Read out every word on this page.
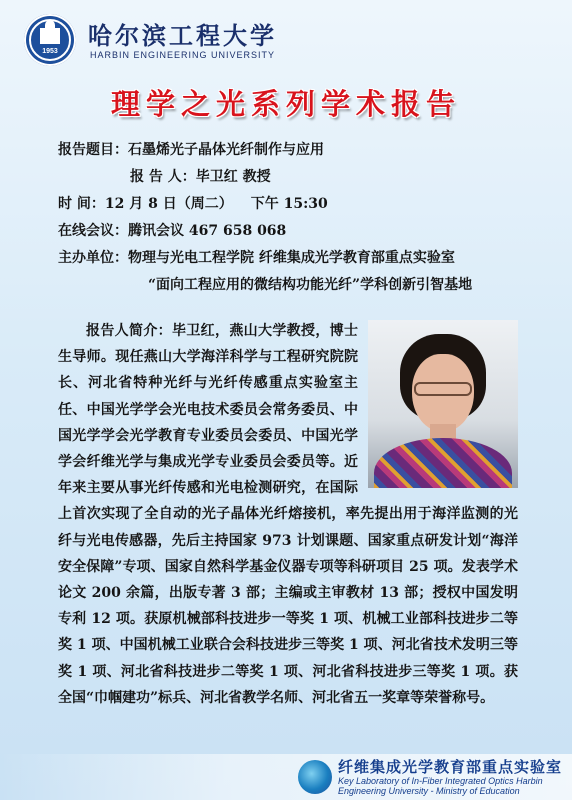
1953
哈尔滨工程大学
HARBIN ENGINEERING UNIVERSITY
理学之光系列学术报告
报告题目：石墨烯光子晶体光纤制作与应用
报 告 人：毕卫红 教授
时 间：12 月 8 日（周二） 下午 15:30
在线会议：腾讯会议 467 658 068
主办单位：物理与光电工程学院 纤维集成光学教育部重点实验室
“面向工程应用的微结构功能光纤”学科创新引智基地
报告人简介：毕卫红，燕山大学教授，博士生导师。现任燕山大学海洋科学与工程研究院院长、河北省特种光纤与光纤传感重点实验室主任、中国光学学会光电技术委员会常务委员、中国光学学会光学教育专业委员会委员、中国光学学会纤维光学与集成光学专业委员会委员等。近年来主要从事光纤传感和光电检测研究，在国际上首次实现了全自动的光子晶体光纤熔接机，率先提出用于海洋监测的光纤与光电传感器，先后主持国家 973 计划课题、国家重点研发计划“海洋安全保障”专项、国家自然科学基金仪器专项等科研项目 25 项。发表学术论文 200 余篇，出版专著 3 部；主编或主审教材 13 部；授权中国发明专利 12 项。获原机械部科技进步一等奖 1 项、机械工业部科技进步二等奖 1 项、中国机械工业联合会科技进步三等奖 1 项、河北省技术发明三等奖 1 项、河北省科技进步二等奖 1 项、河北省科技进步三等奖 1 项。获全国“巾帼建功”标兵、河北省教学名师、河北省五一奖章等荣誉称号。
纤维集成光学教育部重点实验室
Key Laboratory of In-Fiber Integrated Optics Harbin
Engineering University - Ministry of Education
